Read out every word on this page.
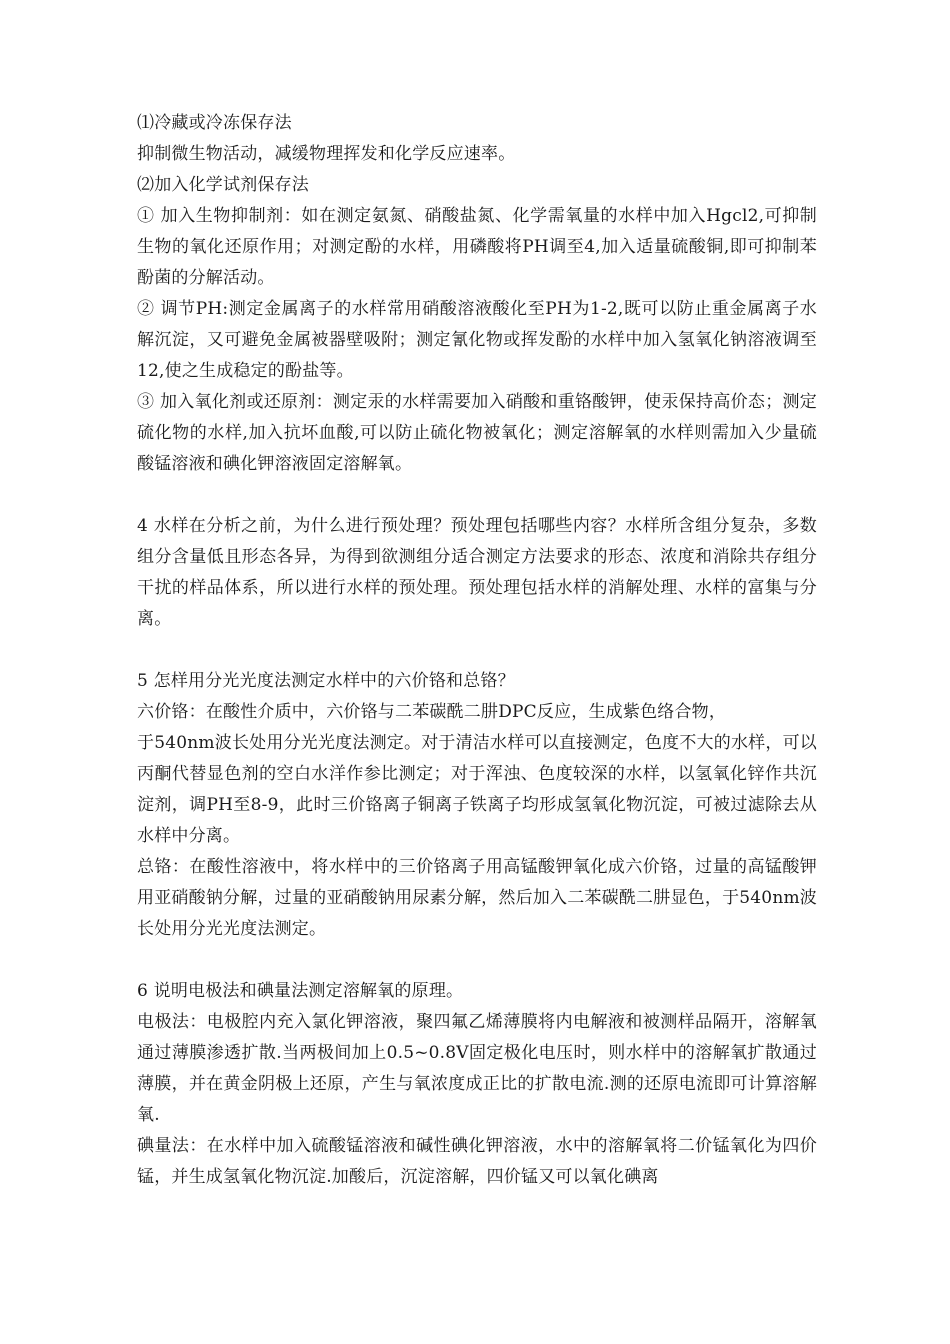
⑴冷藏或冷冻保存法

抑制微生物活动，减缓物理挥发和化学反应速率。

⑵加入化学试剂保存法

① 加入生物抑制剂：如在测定氨氮、硝酸盐氮、化学需氧量的水样中加入Hgcl2,可抑制生物的氧化还原作用；对测定酚的水样，用磷酸将PH调至4,加入适量硫酸铜,即可抑制苯酚菌的分解活动。

② 调节PH:测定金属离子的水样常用硝酸溶液酸化至PH为1-2,既可以防止重金属离子水解沉淀，又可避免金属被器壁吸附；测定氰化物或挥发酚的水样中加入氢氧化钠溶液调至12,使之生成稳定的酚盐等。

③ 加入氧化剂或还原剂：测定汞的水样需要加入硝酸和重铬酸钾，使汞保持高价态；测定硫化物的水样,加入抗坏血酸,可以防止硫化物被氧化；测定溶解氧的水样则需加入少量硫酸锰溶液和碘化钾溶液固定溶解氧。

4 水样在分析之前，为什么进行预处理？预处理包括哪些内容？水样所含组分复杂，多数组分含量低且形态各异，为得到欲测组分适合测定方法要求的形态、浓度和消除共存组分干扰的样品体系，所以进行水样的预处理。预处理包括水样的消解处理、水样的富集与分离。

5 怎样用分光光度法测定水样中的六价铬和总铬？

六价铬：在酸性介质中，六价铬与二苯碳酰二肼DPC反应，生成紫色络合物，

于540nm波长处用分光光度法测定。对于清洁水样可以直接测定，色度不大的水样，可以丙酮代替显色剂的空白水洋作参比测定；对于浑浊、色度较深的水样，以氢氧化锌作共沉淀剂，调PH至8-9，此时三价铬离子铜离子铁离子均形成氢氧化物沉淀，可被过滤除去从水样中分离。

总铬：在酸性溶液中，将水样中的三价铬离子用高锰酸钾氧化成六价铬，过量的高锰酸钾用亚硝酸钠分解，过量的亚硝酸钠用尿素分解，然后加入二苯碳酰二肼显色，于540nm波长处用分光光度法测定。

6 说明电极法和碘量法测定溶解氧的原理。

电极法：电极腔内充入氯化钾溶液，聚四氟乙烯薄膜将内电解液和被测样品隔开，溶解氧通过薄膜渗透扩散.当两极间加上0.5~0.8V固定极化电压时，则水样中的溶解氧扩散通过薄膜，并在黄金阴极上还原，产生与氧浓度成正比的扩散电流.测的还原电流即可计算溶解氧.

碘量法：在水样中加入硫酸锰溶液和碱性碘化钾溶液，水中的溶解氧将二价锰氧化为四价锰，并生成氢氧化物沉淀.加酸后，沉淀溶解，四价锰又可以氧化碘离
